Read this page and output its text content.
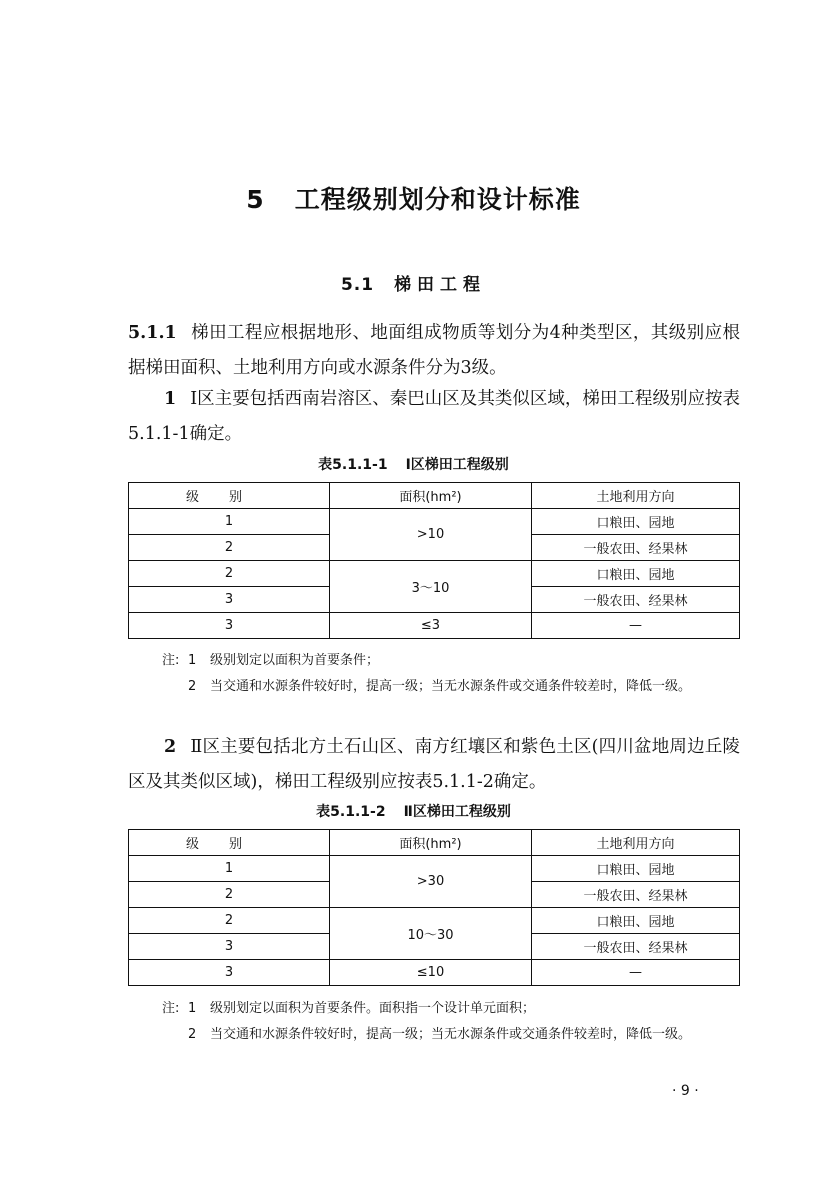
5 工程级别划分和设计标准
5.1 梯田工程
5.1.1 梯田工程应根据地形、地面组成物质等划分为4种类型区，其级别应根据梯田面积、土地利用方向或水源条件分为3级。
1 Ⅰ区主要包括西南岩溶区、秦巴山区及其类似区域，梯田工程级别应按表5.1.1-1确定。
表5.1.1-1 Ⅰ区梯田工程级别
级别	面积(hm²)	土地利用方向
1	>10	口粮田、园地
2		一般农田、经果林
2	3～10	口粮田、园地
3		一般农田、经果林
3	≤3	—
注: 1 级别划定以面积为首要条件；
2 当交通和水源条件较好时，提高一级；当无水源条件或交通条件较差时，降低一级。
2 Ⅱ区主要包括北方土石山区、南方红壤区和紫色土区(四川盆地周边丘陵区及其类似区域)，梯田工程级别应按表5.1.1-2确定。
表5.1.1-2 Ⅱ区梯田工程级别
级别	面积(hm²)	土地利用方向
1	>30	口粮田、园地
2		一般农田、经果林
2	10～30	口粮田、园地
3		一般农田、经果林
3	≤10	—
注: 1 级别划定以面积为首要条件。面积指一个设计单元面积；
2 当交通和水源条件较好时，提高一级；当无水源条件或交通条件较差时，降低一级。
· 9 ·
